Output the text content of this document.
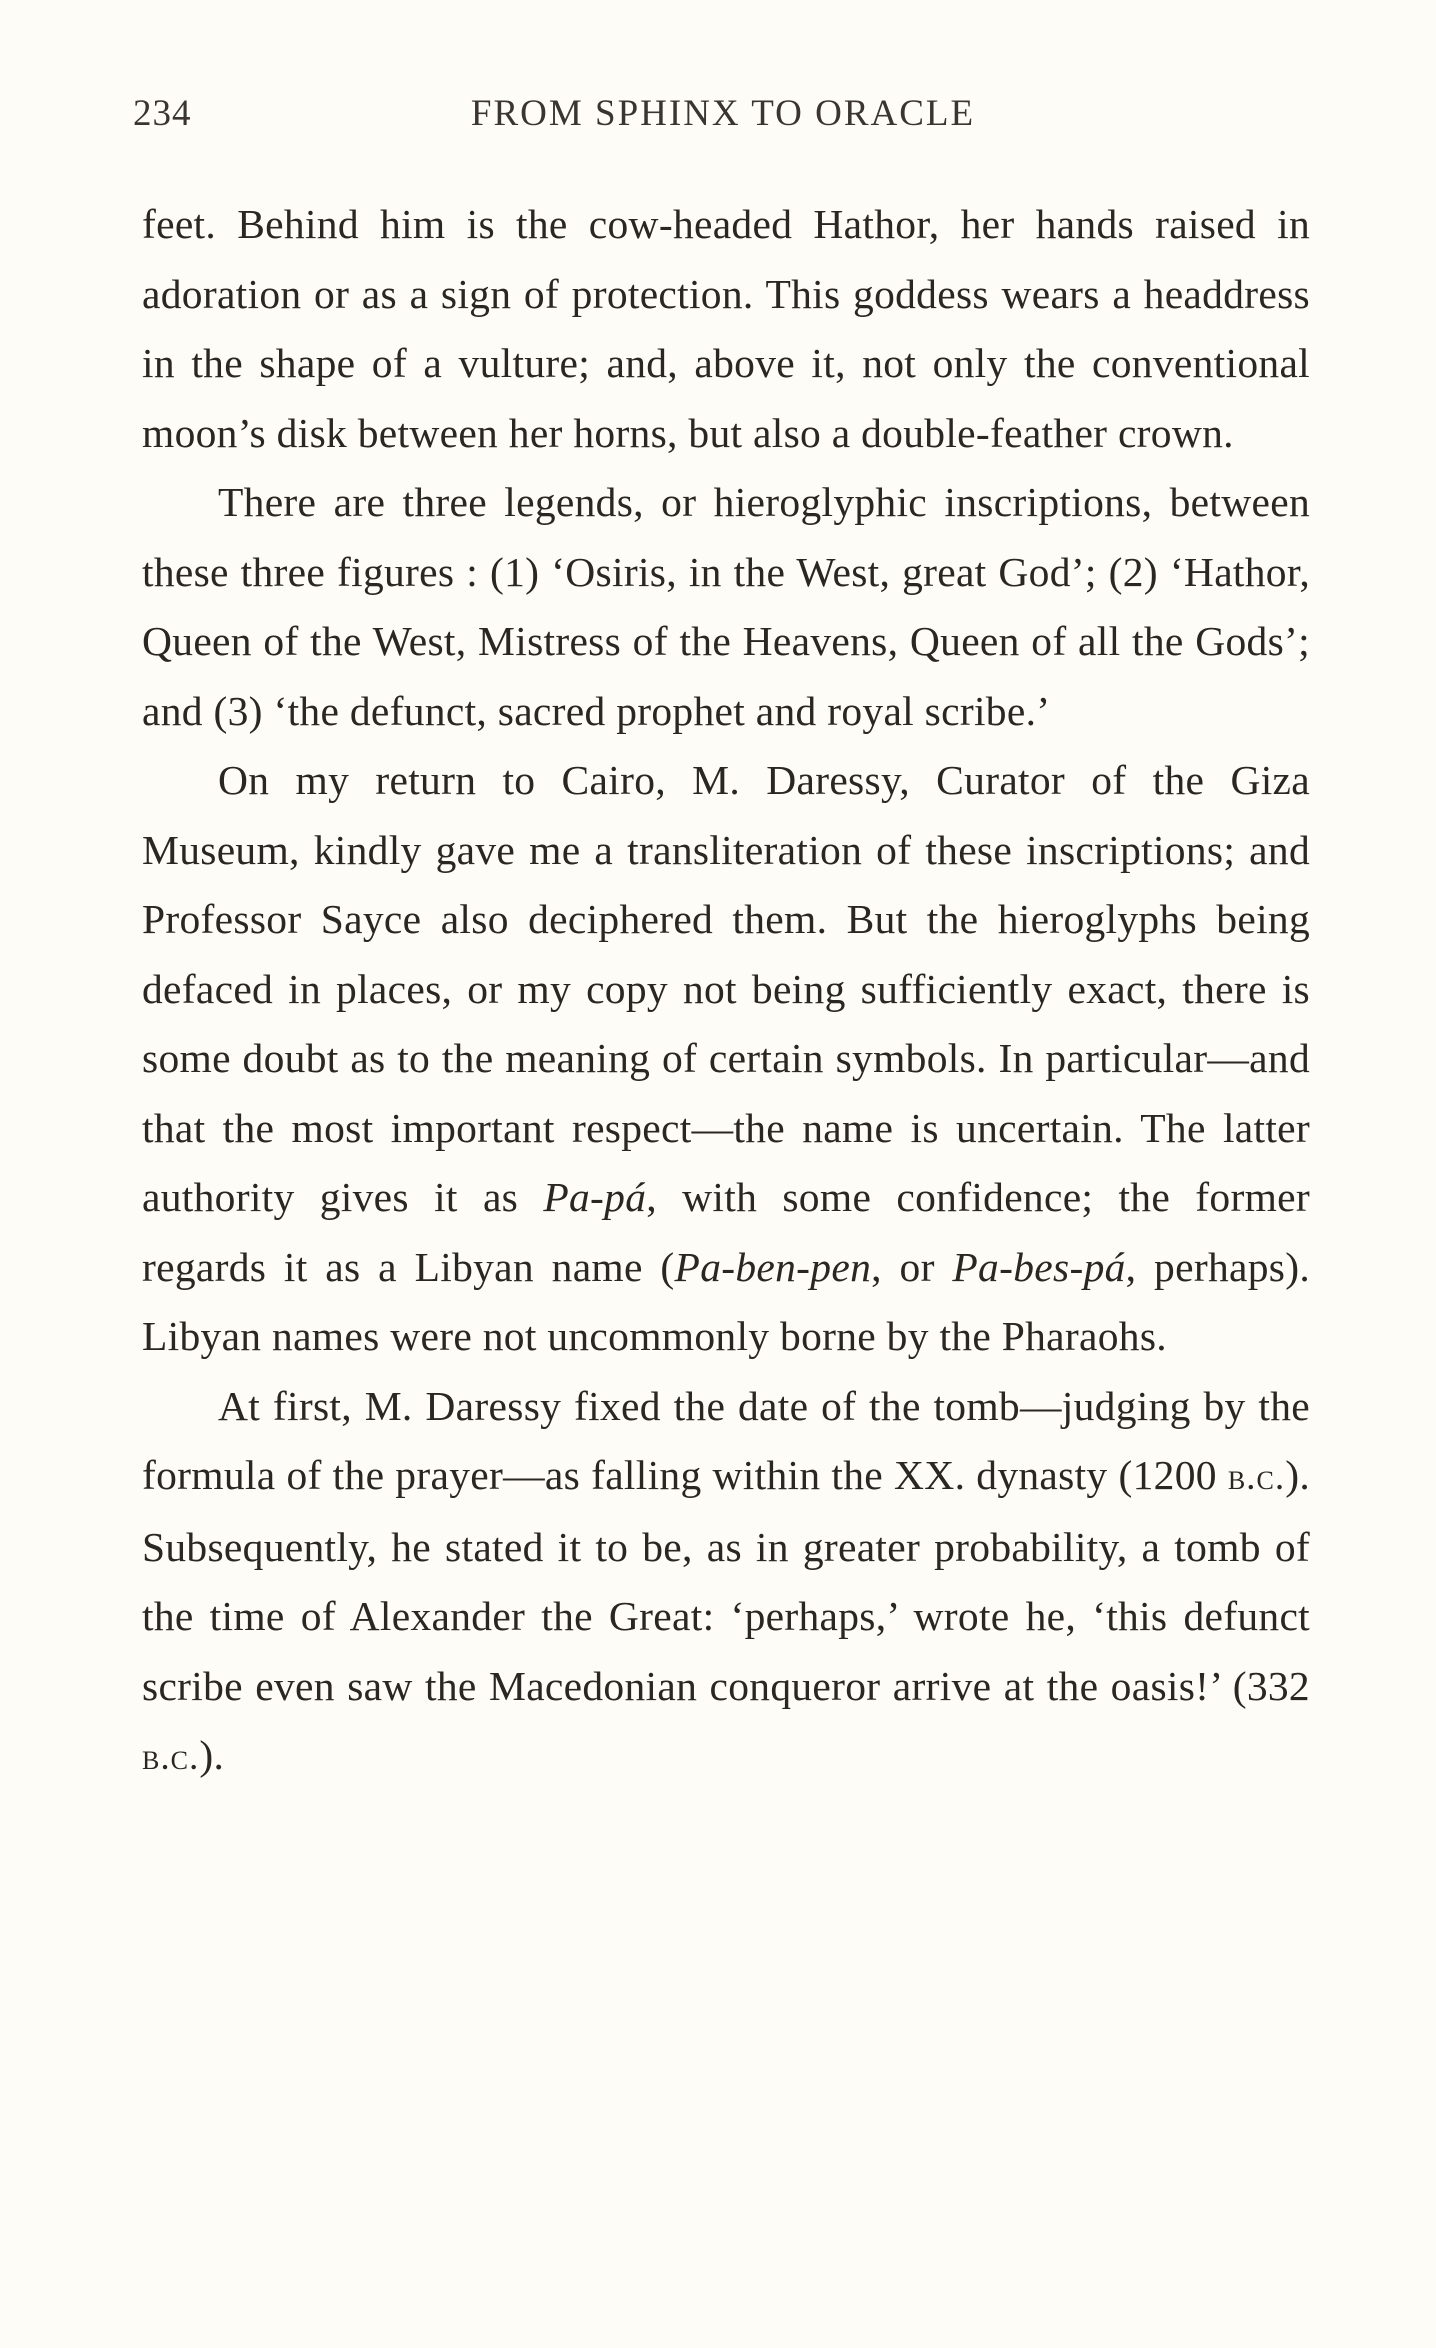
234	FROM SPHINX TO ORACLE

feet. Behind him is the cow-headed Hathor, her hands raised in adoration or as a sign of protection. This goddess wears a headdress in the shape of a vulture; and, above it, not only the conventional moon’s disk between her horns, but also a double-feather crown.

There are three legends, or hieroglyphic inscriptions, between these three figures : (1) ‘Osiris, in the West, great God’; (2) ‘Hathor, Queen of the West, Mistress of the Heavens, Queen of all the Gods’; and (3) ‘the defunct, sacred prophet and royal scribe.’

On my return to Cairo, M. Daressy, Curator of the Giza Museum, kindly gave me a transliteration of these inscriptions; and Professor Sayce also deciphered them. But the hieroglyphs being defaced in places, or my copy not being sufficiently exact, there is some doubt as to the meaning of certain symbols. In particular—and that the most important respect—the name is uncertain. The latter authority gives it as Pa-pá, with some confidence; the former regards it as a Libyan name (Pa-ben-pen, or Pa-bes-pá, perhaps). Libyan names were not uncommonly borne by the Pharaohs.

At first, M. Daressy fixed the date of the tomb—judging by the formula of the prayer—as falling within the XX. dynasty (1200 b.c.). Subsequently, he stated it to be, as in greater probability, a tomb of the time of Alexander the Great: ‘perhaps,’ wrote he, ‘this defunct scribe even saw the Macedonian conqueror arrive at the oasis!’ (332 b.c.).
